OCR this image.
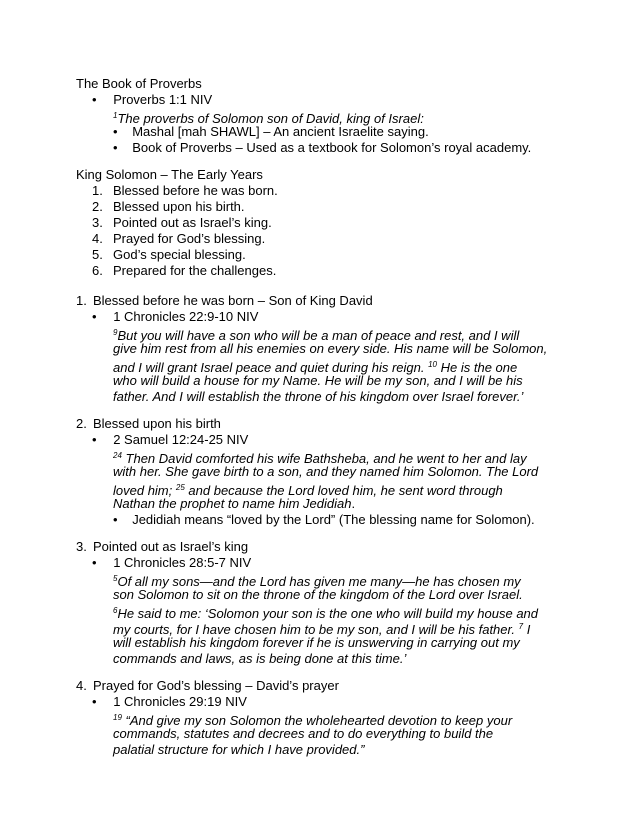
The Book of Proverbs
• Proverbs 1:1 NIV
$^1$The proverbs of Solomon son of David, king of Israel:
• Mashal [mah SHAWL] – An ancient Israelite saying.
• Book of Proverbs – Used as a textbook for Solomon’s royal academy.
King Solomon – The Early Years
1. Blessed before he was born.
2. Blessed upon his birth.
3. Pointed out as Israel’s king.
4. Prayed for God’s blessing.
5. God’s special blessing.
6. Prepared for the challenges.
1. Blessed before he was born – Son of King David
• 1 Chronicles 22:9-10 NIV
$^9$But you will have a son who will be a man of peace and rest, and I will
give him rest from all his enemies on every side. His name will be Solomon,
and I will grant Israel peace and quiet during his reign. $^{10}$ He is the one
who will build a house for my Name. He will be my son, and I will be his
father. And I will establish the throne of his kingdom over Israel forever.’
2. Blessed upon his birth
• 2 Samuel 12:24-25 NIV
$^{24}$ Then David comforted his wife Bathsheba, and he went to her and lay
with her. She gave birth to a son, and they named him Solomon. The Lord
loved him; $^{25}$ and because the Lord loved him, he sent word through
Nathan the prophet to name him Jedidiah.
• Jedidiah means “loved by the Lord” (The blessing name for Solomon).
3. Pointed out as Israel’s king
• 1 Chronicles 28:5-7 NIV
$^5$Of all my sons—and the Lord has given me many—he has chosen my
son Solomon to sit on the throne of the kingdom of the Lord over Israel.
$^6$He said to me: ‘Solomon your son is the one who will build my house and
my courts, for I have chosen him to be my son, and I will be his father. $^7$ I
will establish his kingdom forever if he is unswerving in carrying out my
commands and laws, as is being done at this time.’
4. Prayed for God’s blessing – David’s prayer
• 1 Chronicles 29:19 NIV
$^{19}$ “And give my son Solomon the wholehearted devotion to keep your
commands, statutes and decrees and to do everything to build the
palatial structure for which I have provided.”
